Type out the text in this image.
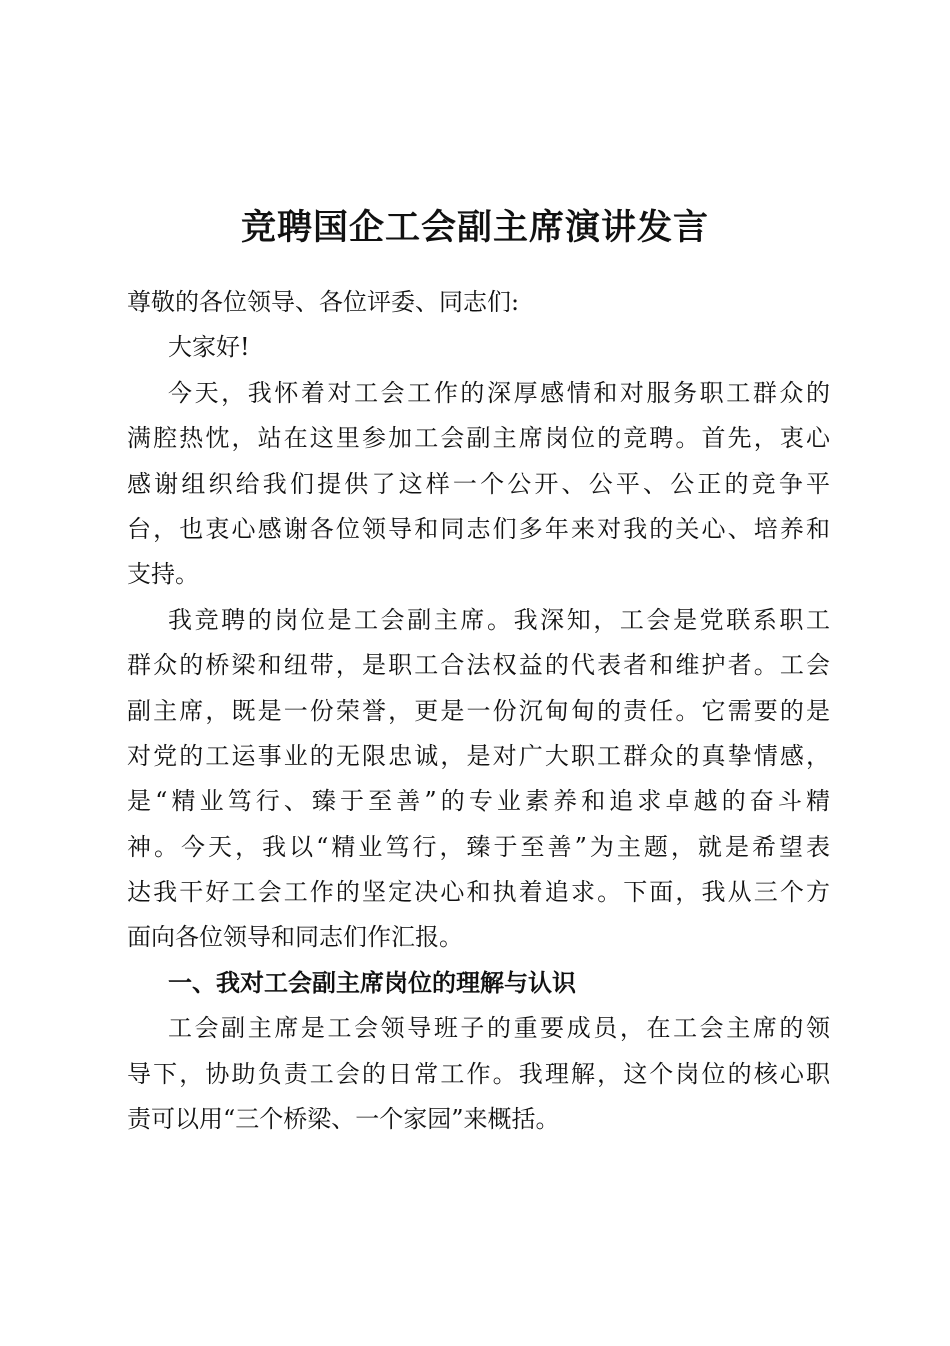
竞聘国企工会副主席演讲发言
尊敬的各位领导、各位评委、同志们:
大家好!
今天，我怀着对工会工作的深厚感情和对服务职工群众的
满腔热忱，站在这里参加工会副主席岗位的竞聘。首先，衷心
感谢组织给我们提供了这样一个公开、公平、公正的竞争平
台，也衷心感谢各位领导和同志们多年来对我的关心、培养和
支持。
我竞聘的岗位是工会副主席。我深知，工会是党联系职工
群众的桥梁和纽带，是职工合法权益的代表者和维护者。工会
副主席，既是一份荣誉，更是一份沉甸甸的责任。它需要的是
对党的工运事业的无限忠诚，是对广大职工群众的真挚情感，
是“精业笃行、臻于至善”的专业素养和追求卓越的奋斗精
神。今天，我以“精业笃行，臻于至善”为主题，就是希望表
达我干好工会工作的坚定决心和执着追求。下面，我从三个方
面向各位领导和同志们作汇报。
一、我对工会副主席岗位的理解与认识
工会副主席是工会领导班子的重要成员，在工会主席的领
导下，协助负责工会的日常工作。我理解，这个岗位的核心职
责可以用“三个桥梁、一个家园”来概括。
